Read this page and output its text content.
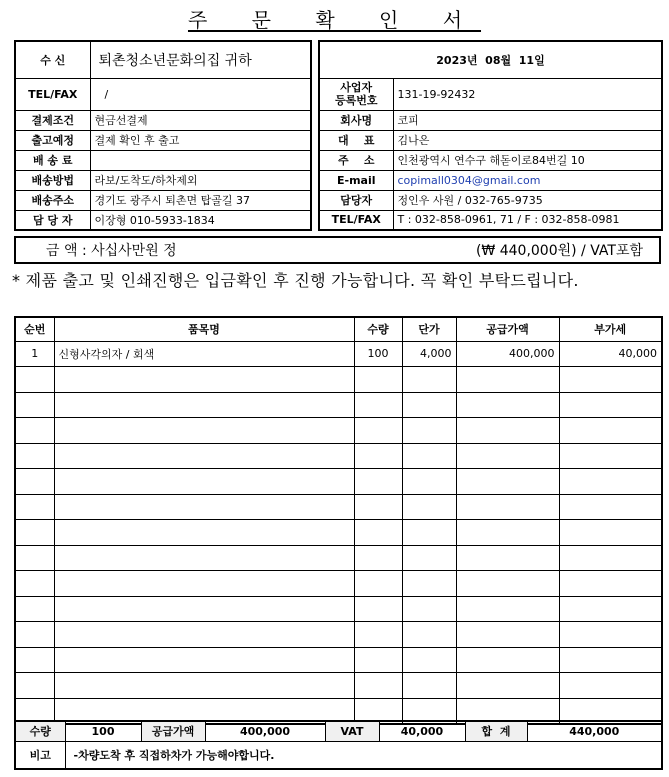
주 문 확 인 서
수 신	퇴촌청소년문화의집 귀하
TEL/FAX	/
결제조건	현금선결제
출고예정	결제 확인 후 출고
배 송 료	
배송방법	라보/도착도/하차제외
배송주소	경기도 광주시 퇴촌면 탑골길 37
담 당 자	이장형 010-5933-1834
2023년  08월  11일	
사업자
등록번호	131-19-92432
회사명	코피
대    표	김나은
주    소	인천광역시 연수구 해돋이로84번길 10
E-mail	copimall0304@gmail.com
담당자	정인우 사원 / 032-765-9735
TEL/FAX	T : 032-858-0961, 71 / F : 032-858-0981
금 액 : 사십사만원 정	(₩ 440,000원) / VAT포함
* 제품 출고 및 인쇄진행은 입금확인 후 진행 가능합니다. 꼭 확인 부탁드립니다.
순번	품목명	수량	단가	공급가액	부가세
1	신형사각의자 / 회색	100	4,000	400,000	40,000

수량	100	공급가액	400,000	VAT	40,000	합  계	440,000
비고	-차량도착 후 직접하차가 가능해야합니다.						
